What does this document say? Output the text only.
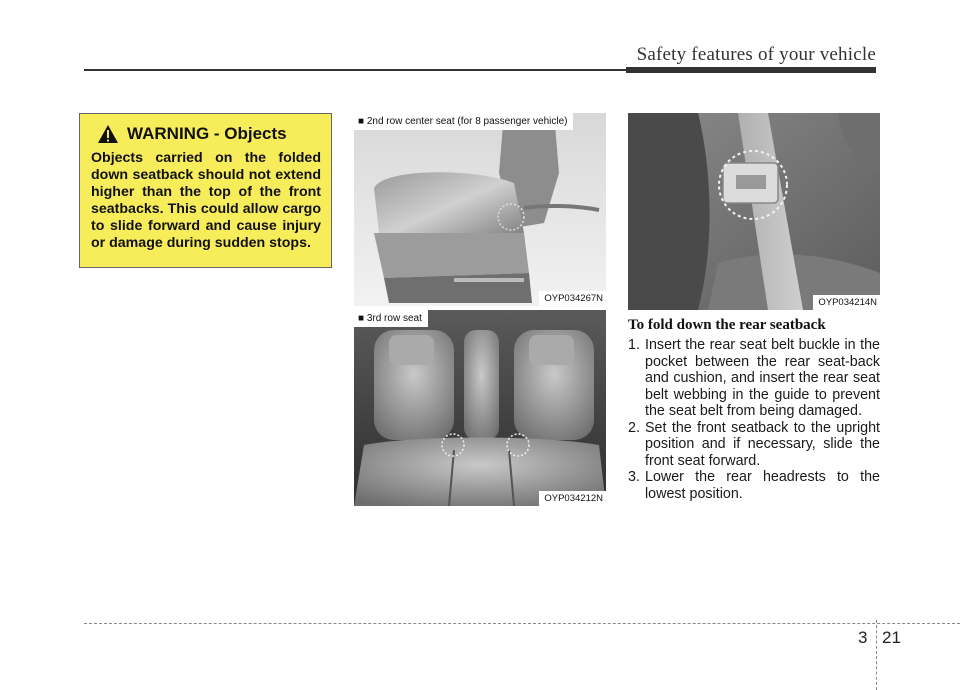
Safety features of your vehicle
WARNING - Objects
Objects carried on the folded down seatback should not extend higher than the top of the front seatbacks. This could allow cargo to slide forward and cause injury or damage during sudden stops.
■ 2nd row center seat (for 8 passenger vehicle)
OYP034267N
■ 3rd row seat
OYP034212N
OYP034214N
To fold down the rear seatback
1. Insert the rear seat belt buckle in the pocket between the rear seat-back and cushion, and insert the rear seat belt webbing in the guide to prevent the seat belt from being damaged.
2. Set the front seatback to the upright position and if necessary, slide the front seat forward.
3. Lower the rear headrests to the lowest position.
3 21
